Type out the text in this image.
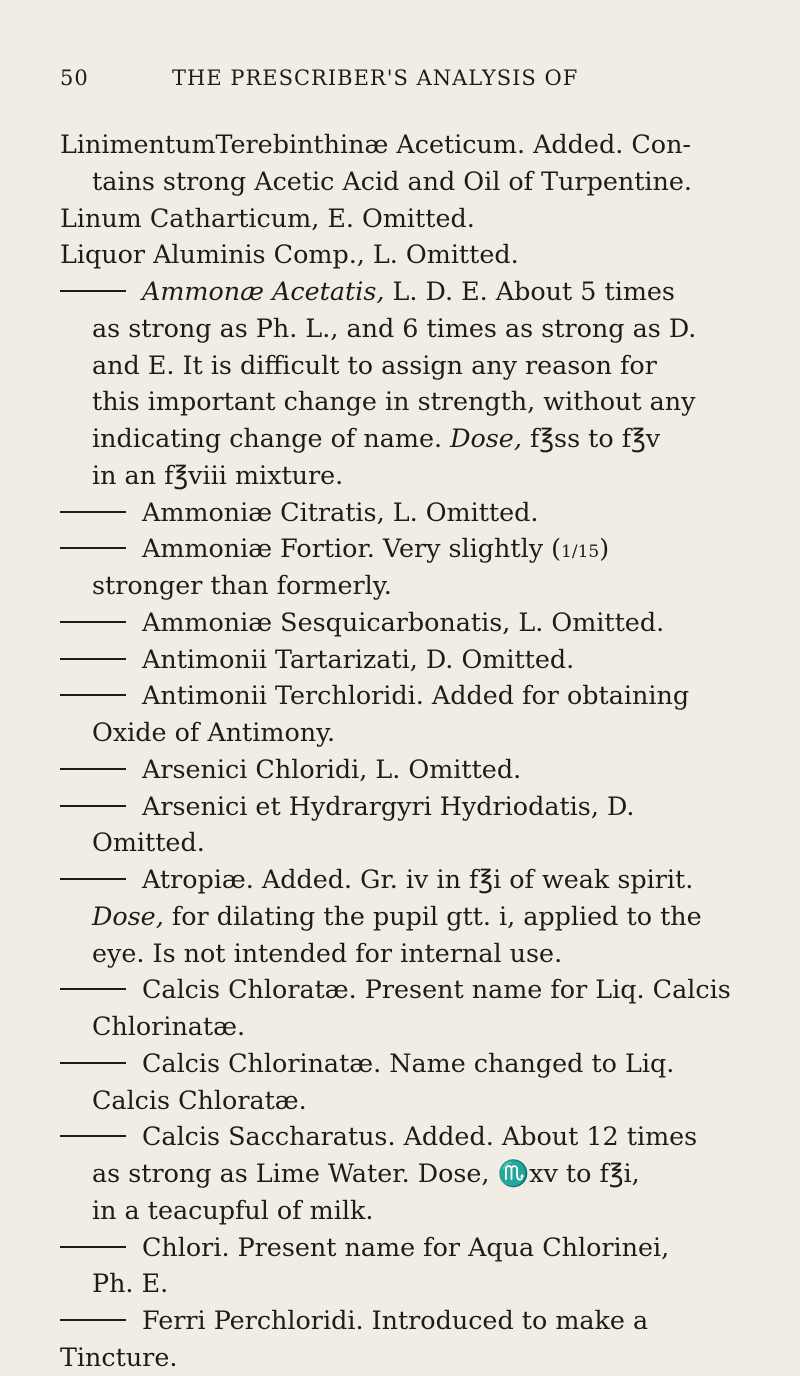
50	THE PRESCRIBER'S ANALYSIS OF
LinimentumTerebinthinæ Aceticum. Added. Con-
tains strong Acetic Acid and Oil of Turpentine.
Linum Catharticum, E. Omitted.
Liquor Aluminis Comp., L. Omitted.
Ammonæ Acetatis, L. D. E. About 5 times
as strong as Ph. L., and 6 times as strong as D.
and E. It is difficult to assign any reason for
this important change in strength, without any
indicating change of name. Dose, f℥ss to f℥v
in an f℥viii mixture.
Ammoniæ Citratis, L. Omitted.
Ammoniæ Fortior. Very slightly (1/15)
stronger than formerly.
Ammoniæ Sesquicarbonatis, L. Omitted.
Antimonii Tartarizati, D. Omitted.
Antimonii Terchloridi. Added for obtaining
Oxide of Antimony.
Arsenici Chloridi, L. Omitted.
Arsenici et Hydrargyri Hydriodatis, D.
Omitted.
Atropiæ. Added. Gr. iv in f℥i of weak spirit.
Dose, for dilating the pupil gtt. i, applied to the
eye. Is not intended for internal use.
Calcis Chloratæ. Present name for Liq. Calcis
Chlorinatæ.
Calcis Chlorinatæ. Name changed to Liq.
Calcis Chloratæ.
Calcis Saccharatus. Added. About 12 times
as strong as Lime Water. Dose, ♏xv to f℥i,
in a teacupful of milk.
Chlori. Present name for Aqua Chlorinei,
Ph. E.
Ferri Perchloridi. Introduced to make a
Tincture.
